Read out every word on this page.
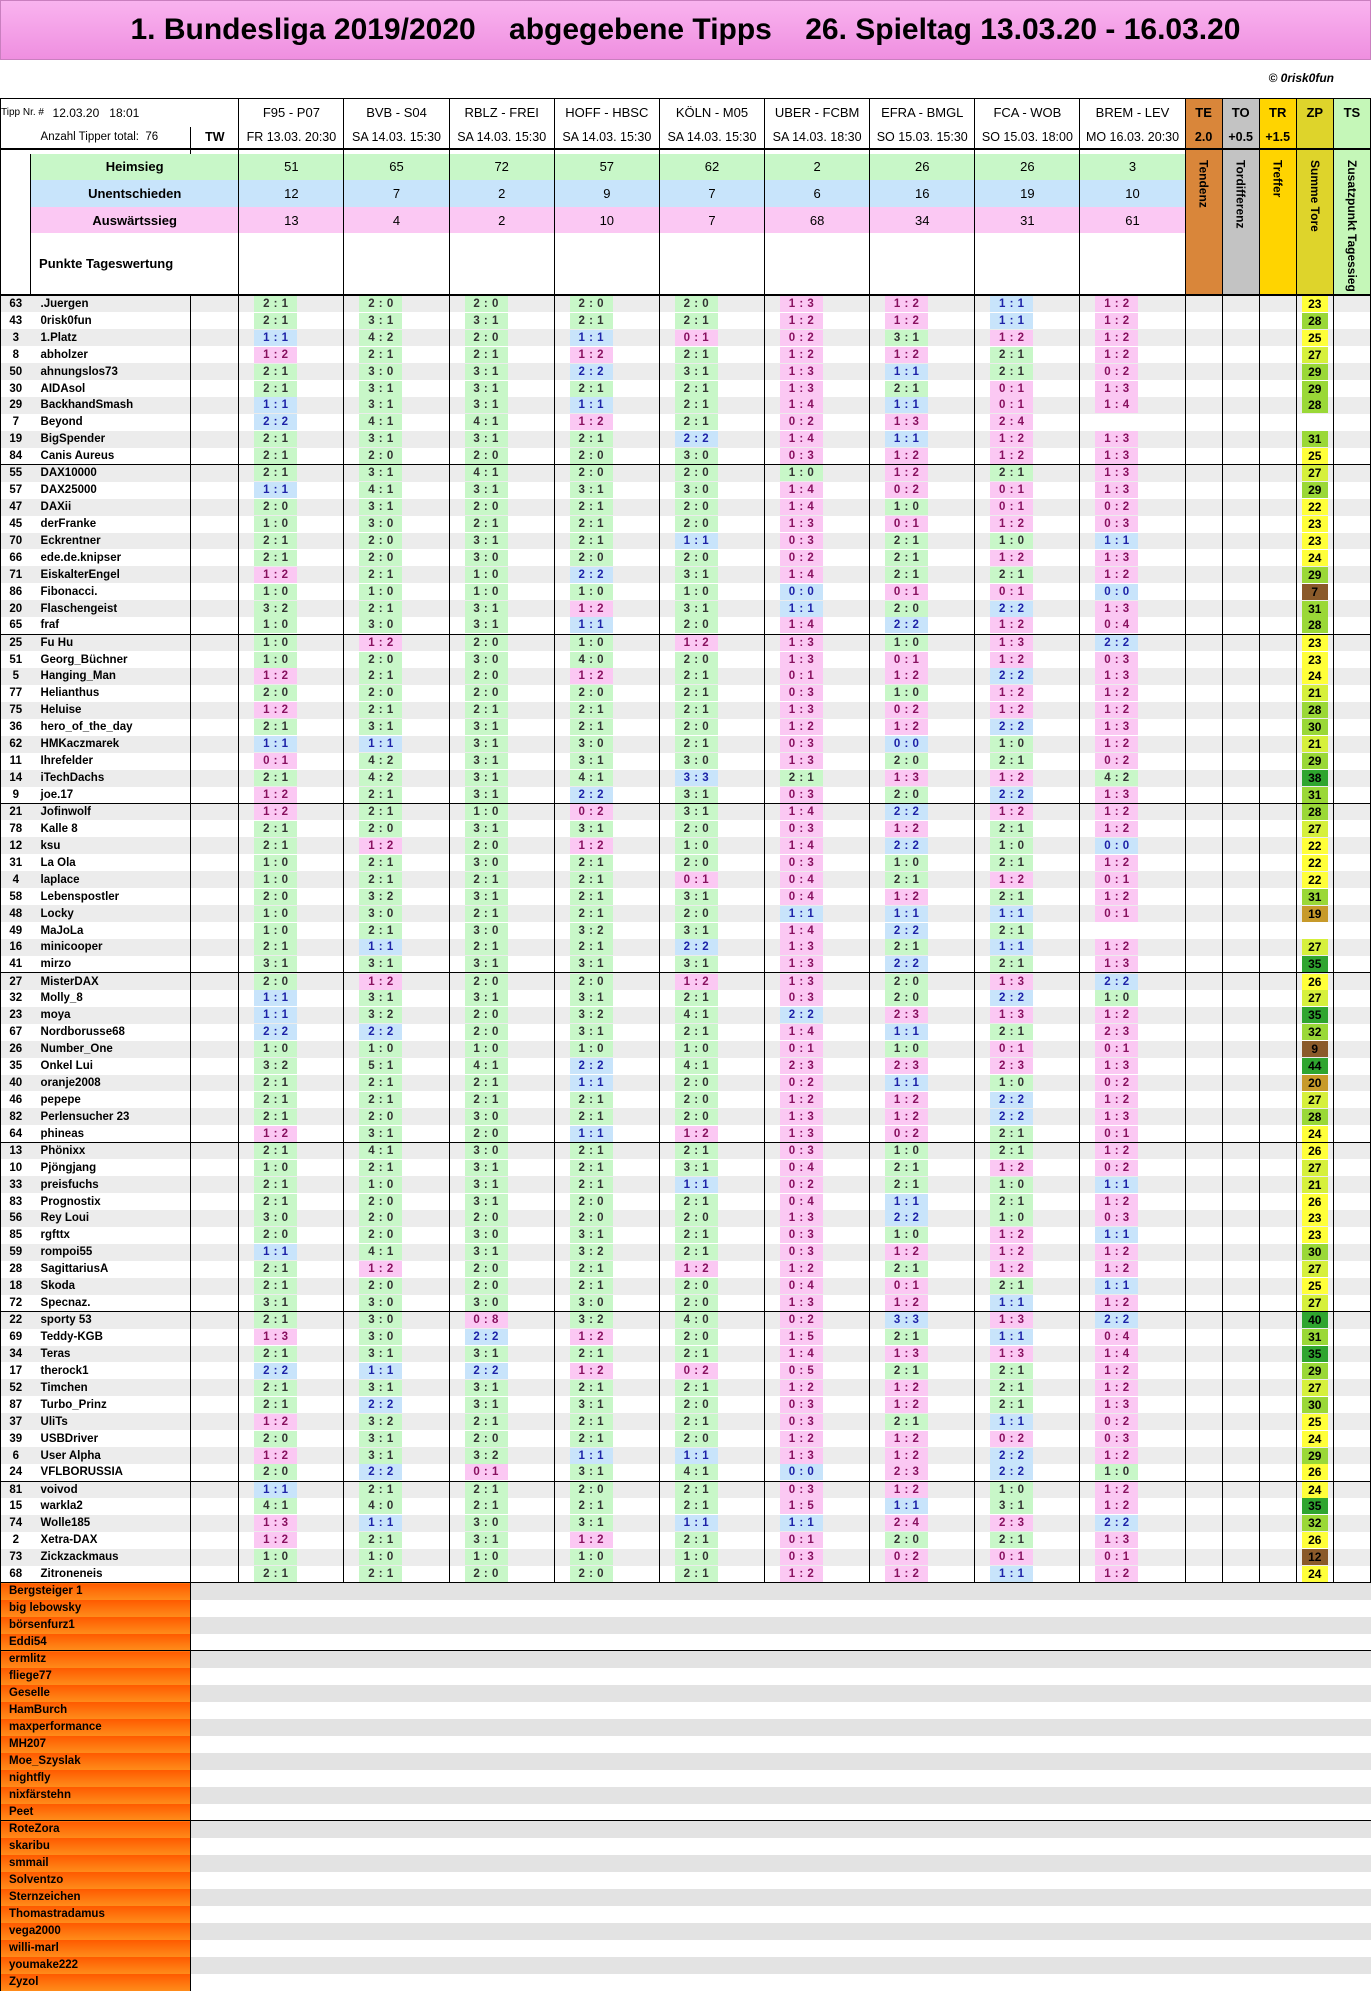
1. Bundesliga 2019/2020    abgegebene Tipps    26. Spieltag 13.03.20 - 16.03.20
© 0risk0fun
Tipp Nr. #	12.03.20 18:01		F95 - P07	BVB - S04	RBLZ - FREI	HOFF - HBSC	KÖLN - M05	UBER - FCBM	EFRA - BMGL	FCA - WOB	BREM - LEV	TE	TO	TR	ZP	TS
	Anzahl Tipper total: 76	TW	FR 13.03. 20:30	SA 14.03. 15:30	SA 14.03. 15:30	SA 14.03. 15:30	SA 14.03. 15:30	SA 14.03. 18:30	SO 15.03. 15:30	SO 15.03. 18:00	MO 16.03. 20:30	2.0	+0.5	+1.5		

	Heimsieg		51	65	72	57	62	2	26	26	3	Tendenz	Tordifferenz	Treffer	Summe Tore	Zusatzpunkt Tagessieg
	Unentschieden		12	7	2	9	7	6	16	19	10					
	Auswärtssieg		13	4	2	10	7	68	34	31	61					
	Punkte Tageswertung															
63	.Juergen		2 : 1	2 : 0	2 : 0	2 : 0	2 : 0	1 : 3	1 : 2	1 : 1	1 : 2				23	

43	0risk0fun		2 : 1	3 : 1	3 : 1	2 : 1	2 : 1	1 : 2	1 : 2	1 : 1	1 : 2				28	

3	1.Platz		1 : 1	4 : 2	2 : 0	1 : 1	0 : 1	0 : 2	3 : 1	1 : 2	1 : 2				25	

8	abholzer		1 : 2	2 : 1	2 : 1	1 : 2	2 : 1	1 : 2	1 : 2	2 : 1	1 : 2				27	

50	ahnungslos73		2 : 1	3 : 0	3 : 1	2 : 2	3 : 1	1 : 3	1 : 1	2 : 1	0 : 2				29	

30	AIDAsol		2 : 1	3 : 1	3 : 1	2 : 1	2 : 1	1 : 3	2 : 1	0 : 1	1 : 3				29	

29	BackhandSmash		1 : 1	3 : 1	3 : 1	1 : 1	2 : 1	1 : 4	1 : 1	0 : 1	1 : 4				28	

7	Beyond		2 : 2	4 : 1	4 : 1	1 : 2	2 : 1	0 : 2	1 : 3	2 : 4						
19	BigSpender		2 : 1	3 : 1	3 : 1	2 : 1	2 : 2	1 : 4	1 : 1	1 : 2	1 : 3				31	

84	Canis Aureus		2 : 1	2 : 0	2 : 0	2 : 0	3 : 0	0 : 3	1 : 2	1 : 2	1 : 3				25	

55	DAX10000		2 : 1	3 : 1	4 : 1	2 : 0	2 : 0	1 : 0	1 : 2	2 : 1	1 : 3				27	

57	DAX25000		1 : 1	4 : 1	3 : 1	3 : 1	3 : 0	1 : 4	0 : 2	0 : 1	1 : 3				29	

47	DAXii		2 : 0	3 : 1	2 : 0	2 : 1	2 : 0	1 : 4	1 : 0	0 : 1	0 : 2				22	

45	derFranke		1 : 0	3 : 0	2 : 1	2 : 1	2 : 0	1 : 3	0 : 1	1 : 2	0 : 3				23	

70	Eckrentner		2 : 1	2 : 0	3 : 1	2 : 1	1 : 1	0 : 3	2 : 1	1 : 0	1 : 1				23	

66	ede.de.knipser		2 : 1	2 : 0	3 : 0	2 : 0	2 : 0	0 : 2	2 : 1	1 : 2	1 : 3				24	

71	EiskalterEngel		1 : 2	2 : 1	1 : 0	2 : 2	3 : 1	1 : 4	2 : 1	2 : 1	1 : 2				29	

86	Fibonacci.		1 : 0	1 : 0	1 : 0	1 : 0	1 : 0	0 : 0	0 : 1	0 : 1	0 : 0				7	

20	Flaschengeist		3 : 2	2 : 1	3 : 1	1 : 2	3 : 1	1 : 1	2 : 0	2 : 2	1 : 3				31	

65	fraf		1 : 0	3 : 0	3 : 1	1 : 1	2 : 0	1 : 4	2 : 2	1 : 2	0 : 4				28	

25	Fu Hu		1 : 0	1 : 2	2 : 0	1 : 0	1 : 2	1 : 3	1 : 0	1 : 3	2 : 2				23	

51	Georg_Büchner		1 : 0	2 : 0	3 : 0	4 : 0	2 : 0	1 : 3	0 : 1	1 : 2	0 : 3				23	

5	Hanging_Man		1 : 2	2 : 1	2 : 0	1 : 2	2 : 1	0 : 1	1 : 2	2 : 2	1 : 3				24	

77	Helianthus		2 : 0	2 : 0	2 : 0	2 : 0	2 : 1	0 : 3	1 : 0	1 : 2	1 : 2				21	

75	Heluise		1 : 2	2 : 1	2 : 1	2 : 1	2 : 1	1 : 3	0 : 2	1 : 2	1 : 2				28	

36	hero_of_the_day		2 : 1	3 : 1	3 : 1	2 : 1	2 : 0	1 : 2	1 : 2	2 : 2	1 : 3				30	

62	HMKaczmarek		1 : 1	1 : 1	3 : 1	3 : 0	2 : 1	0 : 3	0 : 0	1 : 0	1 : 2				21	

11	Ihrefelder		0 : 1	4 : 2	3 : 1	3 : 1	3 : 0	1 : 3	2 : 0	2 : 1	0 : 2				29	

14	iTechDachs		2 : 1	4 : 2	3 : 1	4 : 1	3 : 3	2 : 1	1 : 3	1 : 2	4 : 2				38	

9	joe.17		1 : 2	2 : 1	3 : 1	2 : 2	3 : 1	0 : 3	2 : 0	2 : 2	1 : 3				31	

21	Jofinwolf		1 : 2	2 : 1	1 : 0	0 : 2	3 : 1	1 : 4	2 : 2	1 : 2	1 : 2				28	

78	Kalle 8		2 : 1	2 : 0	3 : 1	3 : 1	2 : 0	0 : 3	1 : 2	2 : 1	1 : 2				27	

12	ksu		2 : 1	1 : 2	2 : 0	1 : 2	1 : 0	1 : 4	2 : 2	1 : 0	0 : 0				22	

31	La Ola		1 : 0	2 : 1	3 : 0	2 : 1	2 : 0	0 : 3	1 : 0	2 : 1	1 : 2				22	

4	laplace		1 : 0	2 : 1	2 : 1	2 : 1	0 : 1	0 : 4	2 : 1	1 : 2	0 : 1				22	

58	Lebenspostler		2 : 0	3 : 2	3 : 1	2 : 1	3 : 1	0 : 4	1 : 2	2 : 1	1 : 2				31	

48	Locky		1 : 0	3 : 0	2 : 1	2 : 1	2 : 0	1 : 1	1 : 1	1 : 1	0 : 1				19	

49	MaJoLa		1 : 0	2 : 1	3 : 0	3 : 2	3 : 1	1 : 4	2 : 2	2 : 1						
16	minicooper		2 : 1	1 : 1	2 : 1	2 : 1	2 : 2	1 : 3	2 : 1	1 : 1	1 : 2				27	

41	mirzo		3 : 1	3 : 1	3 : 1	3 : 1	3 : 1	1 : 3	2 : 2	2 : 1	1 : 3				35	

27	MisterDAX		2 : 0	1 : 2	2 : 0	2 : 0	1 : 2	1 : 3	2 : 0	1 : 3	2 : 2				26	

32	Molly_8		1 : 1	3 : 1	3 : 1	3 : 1	2 : 1	0 : 3	2 : 0	2 : 2	1 : 0				27	

23	moya		1 : 1	3 : 2	2 : 0	3 : 2	4 : 1	2 : 2	2 : 3	1 : 3	1 : 2				35	

67	Nordborusse68		2 : 2	2 : 2	2 : 0	3 : 1	2 : 1	1 : 4	1 : 1	2 : 1	2 : 3				32	

26	Number_One		1 : 0	1 : 0	1 : 0	1 : 0	1 : 0	0 : 1	1 : 0	0 : 1	0 : 1				9	

35	Onkel Lui		3 : 2	5 : 1	4 : 1	2 : 2	4 : 1	2 : 3	2 : 3	2 : 3	1 : 3				44	

40	oranje2008		2 : 1	2 : 1	2 : 1	1 : 1	2 : 0	0 : 2	1 : 1	1 : 0	0 : 2				20	

46	pepepe		2 : 1	2 : 1	2 : 1	2 : 1	2 : 0	1 : 2	1 : 2	2 : 2	1 : 2				27	

82	Perlensucher 23		2 : 1	2 : 0	3 : 0	2 : 1	2 : 0	1 : 3	1 : 2	2 : 2	1 : 3				28	

64	phineas		1 : 2	3 : 1	2 : 0	1 : 1	1 : 2	1 : 3	0 : 2	2 : 1	0 : 1				24	

13	Phönixx		2 : 1	4 : 1	3 : 0	2 : 1	2 : 1	0 : 3	1 : 0	2 : 1	1 : 2				26	

10	Pjöngjang		1 : 0	2 : 1	3 : 1	2 : 1	3 : 1	0 : 4	2 : 1	1 : 2	0 : 2				27	

33	preisfuchs		2 : 1	1 : 0	3 : 1	2 : 1	1 : 1	0 : 2	2 : 1	1 : 0	1 : 1				21	

83	Prognostix		2 : 1	2 : 0	3 : 1	2 : 0	2 : 1	0 : 4	1 : 1	2 : 1	1 : 2				26	

56	Rey Loui		3 : 0	2 : 0	2 : 0	2 : 0	2 : 0	1 : 3	2 : 2	1 : 0	0 : 3				23	

85	rgfttx		2 : 0	2 : 0	3 : 0	3 : 1	2 : 1	0 : 3	1 : 0	1 : 2	1 : 1				23	

59	rompoi55		1 : 1	4 : 1	3 : 1	3 : 2	2 : 1	0 : 3	1 : 2	1 : 2	1 : 2				30	

28	SagittariusA		2 : 1	1 : 2	2 : 0	2 : 1	1 : 2	1 : 2	2 : 1	1 : 2	1 : 2				27	

18	Skoda		2 : 1	2 : 0	2 : 0	2 : 1	2 : 0	0 : 4	0 : 1	2 : 1	1 : 1				25	

72	Specnaz.		3 : 1	3 : 0	3 : 0	3 : 0	2 : 0	1 : 3	1 : 2	1 : 1	1 : 2				27	

22	sporty 53		2 : 1	3 : 0	0 : 8	3 : 2	4 : 0	0 : 2	3 : 3	1 : 3	2 : 2				40	

69	Teddy-KGB		1 : 3	3 : 0	2 : 2	1 : 2	2 : 0	1 : 5	2 : 1	1 : 1	0 : 4				31	

34	Teras		2 : 1	3 : 1	3 : 1	2 : 1	2 : 1	1 : 4	1 : 3	1 : 3	1 : 4				35	

17	therock1		2 : 2	1 : 1	2 : 2	1 : 2	0 : 2	0 : 5	2 : 1	2 : 1	1 : 2				29	

52	Timchen		2 : 1	3 : 1	3 : 1	2 : 1	2 : 1	1 : 2	1 : 2	2 : 1	1 : 2				27	

87	Turbo_Prinz		2 : 1	2 : 2	3 : 1	3 : 1	2 : 0	0 : 3	1 : 2	2 : 1	1 : 3				30	

37	UliTs		1 : 2	3 : 2	2 : 1	2 : 1	2 : 1	0 : 3	2 : 1	1 : 1	0 : 2				25	

39	USBDriver		2 : 0	3 : 1	2 : 0	2 : 1	2 : 0	1 : 2	1 : 2	0 : 2	0 : 3				24	

6	User Alpha		1 : 2	3 : 1	3 : 2	1 : 1	1 : 1	1 : 3	1 : 2	2 : 2	1 : 2				29	

24	VFLBORUSSIA		2 : 0	2 : 2	0 : 1	3 : 1	4 : 1	0 : 0	2 : 3	2 : 2	1 : 0				26	

81	voivod		1 : 1	2 : 1	2 : 1	2 : 0	2 : 1	0 : 3	1 : 2	1 : 0	1 : 2				24	

15	warkla2		4 : 1	4 : 0	2 : 1	2 : 1	2 : 1	1 : 5	1 : 1	3 : 1	1 : 2				35	

74	Wolle185		1 : 3	1 : 1	3 : 0	3 : 1	1 : 1	1 : 1	2 : 4	2 : 3	2 : 2				32	

2	Xetra-DAX		1 : 2	2 : 1	3 : 1	1 : 2	2 : 1	0 : 1	2 : 0	2 : 1	1 : 3				26	

73	Zickzackmaus		1 : 0	1 : 0	1 : 0	1 : 0	1 : 0	0 : 3	0 : 2	0 : 1	0 : 1				12	

68	Zitroneneis		2 : 1	2 : 1	2 : 0	2 : 0	2 : 1	1 : 2	1 : 2	1 : 1	1 : 2				24	

Bergsteiger 1																
big lebowsky																
börsenfurz1																
Eddi54																
ermlitz																
fliege77																
Geselle																
HamBurch																
maxperformance																
MH207																
Moe_Szyslak																
nightfly																
nixfärstehn																
Peet																
RoteZora																
skaribu																
smmail																
Solventzo																
Sternzeichen																
Thomastradamus																
vega2000																
willi-marl																
youmake222																
Zyzol																
